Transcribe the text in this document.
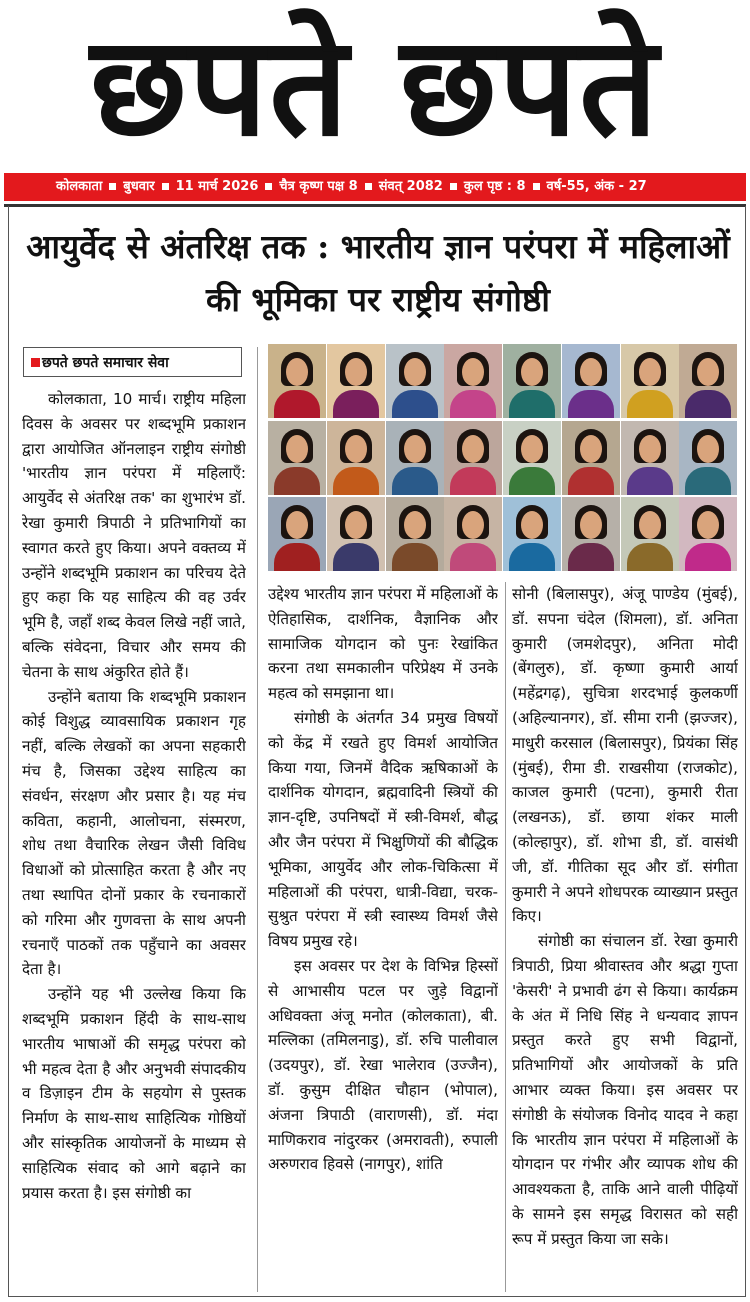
छपते छपते
कोलकाता बुधवार 11 मार्च 2026 चैत्र कृष्ण पक्ष 8 संवत् 2082 कुल पृष्ठ : 8 वर्ष-55, अंक - 27
आयुर्वेद से अंतरिक्ष तक : भारतीय ज्ञान परंपरा में महिलाओं की भूमिका पर राष्ट्रीय संगोष्ठी
छपते छपते समाचार सेवा

कोलकाता, 10 मार्च। राष्ट्रीय महिला दिवस के अवसर पर शब्दभूमि प्रकाशन द्वारा आयोजित ऑनलाइन राष्ट्रीय संगोष्ठी 'भारतीय ज्ञान परंपरा में महिलाएँ: आयुर्वेद से अंतरिक्ष तक' का शुभारंभ डॉ. रेखा कुमारी त्रिपाठी ने प्रतिभागियों का स्वागत करते हुए किया। अपने वक्तव्य में उन्होंने शब्दभूमि प्रकाशन का परिचय देते हुए कहा कि यह साहित्य की वह उर्वर भूमि है, जहाँ शब्द केवल लिखे नहीं जाते, बल्कि संवेदना, विचार और समय की चेतना के साथ अंकुरित होते हैं।

उन्होंने बताया कि शब्दभूमि प्रकाशन कोई विशुद्ध व्यावसायिक प्रकाशन गृह नहीं, बल्कि लेखकों का अपना सहकारी मंच है, जिसका उद्देश्य साहित्य का संवर्धन, संरक्षण और प्रसार है। यह मंच कविता, कहानी, आलोचना, संस्मरण, शोध तथा वैचारिक लेखन जैसी विविध विधाओं को प्रोत्साहित करता है और नए तथा स्थापित दोनों प्रकार के रचनाकारों को गरिमा और गुणवत्ता के साथ अपनी रचनाएँ पाठकों तक पहुँचाने का अवसर देता है।

उन्होंने यह भी उल्लेख किया कि शब्दभूमि प्रकाशन हिंदी के साथ-साथ भारतीय भाषाओं की समृद्ध परंपरा को भी महत्व देता है और अनुभवी संपादकीय व डिज़ाइन टीम के सहयोग से पुस्तक निर्माण के साथ-साथ साहित्यिक गोष्ठियों और सांस्कृतिक आयोजनों के माध्यम से साहित्यिक संवाद को आगे बढ़ाने का प्रयास करता है। इस संगोष्ठी का

उद्देश्य भारतीय ज्ञान परंपरा में महिलाओं के ऐतिहासिक, दार्शनिक, वैज्ञानिक और सामाजिक योगदान को पुनः रेखांकित करना तथा समकालीन परिप्रेक्ष्य में उनके महत्व को समझाना था।

संगोष्ठी के अंतर्गत 34 प्रमुख विषयों को केंद्र में रखते हुए विमर्श आयोजित किया गया, जिनमें वैदिक ऋषिकाओं के दार्शनिक योगदान, ब्रह्मवादिनी स्त्रियों की ज्ञान-दृष्टि, उपनिषदों में स्त्री-विमर्श, बौद्ध और जैन परंपरा में भिक्षुणियों की बौद्धिक भूमिका, आयुर्वेद और लोक-चिकित्सा में महिलाओं की परंपरा, धात्री-विद्या, चरक-सुश्रुत परंपरा में स्त्री स्वास्थ्य विमर्श जैसे विषय प्रमुख रहे।

इस अवसर पर देश के विभिन्न हिस्सों से आभासीय पटल पर जुड़े विद्वानों अधिवक्ता अंजू मनोत (कोलकाता), बी. मल्लिका (तमिलनाडु), डॉ. रुचि पालीवाल (उदयपुर), डॉ. रेखा भालेराव (उज्जैन), डॉ. कुसुम दीक्षित चौहान (भोपाल), अंजना त्रिपाठी (वाराणसी), डॉ. मंदा माणिकराव नांदुरकर (अमरावती), रुपाली अरुणराव हिवसे (नागपुर), शांति

सोनी (बिलासपुर), अंजू पाण्डेय (मुंबई), डॉ. सपना चंदेल (शिमला), डॉ. अनिता कुमारी (जमशेदपुर), अनिता मोदी (बेंगलुरु), डॉ. कृष्णा कुमारी आर्या (महेंद्रगढ़), सुचित्रा शरदभाई कुलकर्णी (अहिल्यानगर), डॉ. सीमा रानी (झज्जर), माधुरी करसाल (बिलासपुर), प्रियंका सिंह (मुंबई), रीमा डी. राखसीया (राजकोट), काजल कुमारी (पटना), कुमारी रीता (लखनऊ), डॉ. छाया शंकर माली (कोल्हापुर), डॉ. शोभा डी, डॉ. वासंथी जी, डॉ. गीतिका सूद और डॉ. संगीता कुमारी ने अपने शोधपरक व्याख्यान प्रस्तुत किए।

संगोष्ठी का संचालन डॉ. रेखा कुमारी त्रिपाठी, प्रिया श्रीवास्तव और श्रद्धा गुप्ता 'केसरी' ने प्रभावी ढंग से किया। कार्यक्रम के अंत में निधि सिंह ने धन्यवाद ज्ञापन प्रस्तुत करते हुए सभी विद्वानों, प्रतिभागियों और आयोजकों के प्रति आभार व्यक्त किया। इस अवसर पर संगोष्ठी के संयोजक विनोद यादव ने कहा कि भारतीय ज्ञान परंपरा में महिलाओं के योगदान पर गंभीर और व्यापक शोध की आवश्यकता है, ताकि आने वाली पीढ़ियों के सामने इस समृद्ध विरासत को सही रूप में प्रस्तुत किया जा सके।
